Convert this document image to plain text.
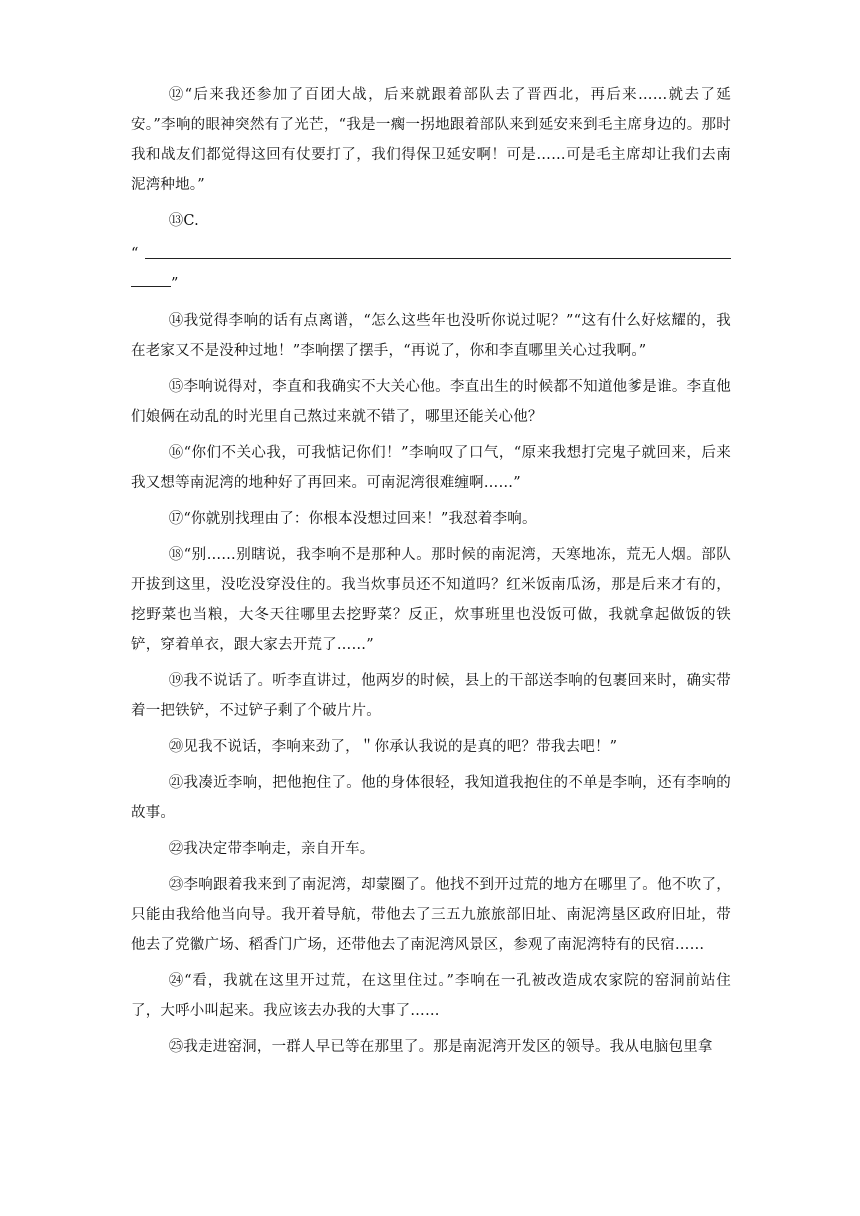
⑫“后来我还参加了百团大战，后来就跟着部队去了晋西北，再后来……就去了延安。”李响的眼神突然有了光芒，“我是一瘸一拐地跟着部队来到延安来到毛主席身边的。那时我和战友们都觉得这回有仗要打了，我们得保卫延安啊！可是……可是毛主席却让我们去南泥湾种地。”

⑬C.

“
”

⑭我觉得李响的话有点离谱，“怎么这些年也没听你说过呢？”“这有什么好炫耀的，我在老家又不是没种过地！”李响摆了摆手，“再说了，你和李直哪里关心过我啊。”

⑮李响说得对，李直和我确实不大关心他。李直出生的时候都不知道他爹是谁。李直他们娘俩在动乱的时光里自己熬过来就不错了，哪里还能关心他？

⑯“你们不关心我，可我惦记你们！”李响叹了口气，“原来我想打完鬼子就回来，后来我又想等南泥湾的地种好了再回来。可南泥湾很难缠啊……”

⑰“你就别找理由了：你根本没想过回来！”我怼着李响。

⑱“别……别瞎说，我李响不是那种人。那时候的南泥湾，天寒地冻，荒无人烟。部队开拔到这里，没吃没穿没住的。我当炊事员还不知道吗？红米饭南瓜汤，那是后来才有的，挖野菜也当粮，大冬天往哪里去挖野菜？反正，炊事班里也没饭可做，我就拿起做饭的铁铲，穿着单衣，跟大家去开荒了……”

⑲我不说话了。听李直讲过，他两岁的时候，县上的干部送李响的包裹回来时，确实带着一把铁铲，不过铲子剩了个破片片。

⑳见我不说话，李响来劲了，＂你承认我说的是真的吧？带我去吧！”

㉑我凑近李响，把他抱住了。他的身体很轻，我知道我抱住的不单是李响，还有李响的故事。

㉒我决定带李响走，亲自开车。

㉓李响跟着我来到了南泥湾，却蒙圈了。他找不到开过荒的地方在哪里了。他不吹了，只能由我给他当向导。我开着导航，带他去了三五九旅旅部旧址、南泥湾垦区政府旧址，带他去了党徽广场、稻香门广场，还带他去了南泥湾风景区，参观了南泥湾特有的民宿……

㉔“看，我就在这里开过荒，在这里住过。”李响在一孔被改造成农家院的窑洞前站住了，大呼小叫起来。我应该去办我的大事了……

㉕我走进窑洞，一群人早已等在那里了。那是南泥湾开发区的领导。我从电脑包里拿
